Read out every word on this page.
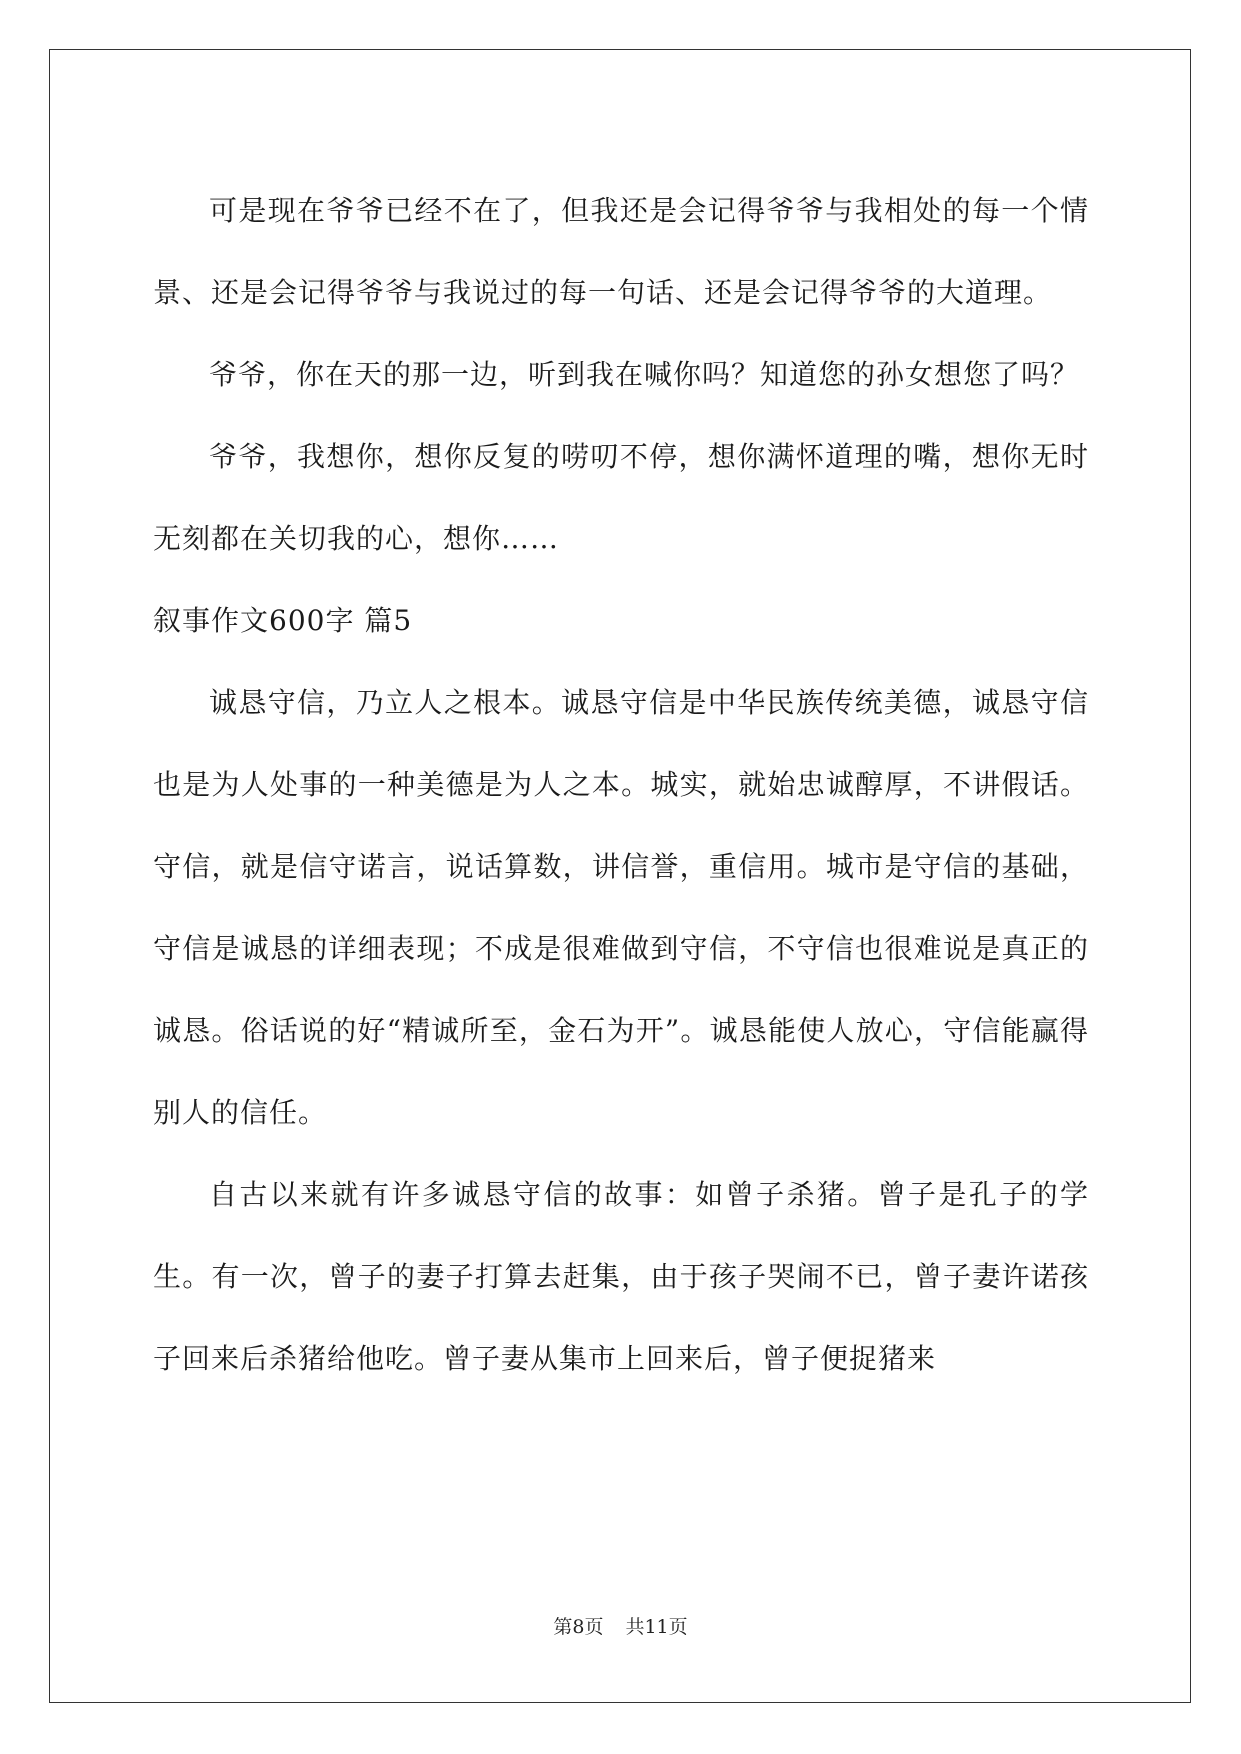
可是现在爷爷已经不在了，但我还是会记得爷爷与我相处的每一个情景、还是会记得爷爷与我说过的每一句话、还是会记得爷爷的大道理。

爷爷，你在天的那一边，听到我在喊你吗？知道您的孙女想您了吗？

爷爷，我想你，想你反复的唠叨不停，想你满怀道理的嘴，想你无时无刻都在关切我的心，想你……

叙事作文600字 篇5

诚恳守信，乃立人之根本。诚恳守信是中华民族传统美德，诚恳守信也是为人处事的一种美德是为人之本。城实，就始忠诚醇厚，不讲假话。守信，就是信守诺言，说话算数，讲信誉，重信用。城市是守信的基础，守信是诚恳的详细表现；不成是很难做到守信，不守信也很难说是真正的诚恳。俗话说的好“精诚所至，金石为开”。诚恳能使人放心，守信能赢得别人的信任。

自古以来就有许多诚恳守信的故事：如曾子杀猪。曾子是孔子的学生。有一次，曾子的妻子打算去赶集，由于孩子哭闹不已，曾子妻许诺孩子回来后杀猪给他吃。曾子妻从集市上回来后，曾子便捉猪来

第8页 共11页
